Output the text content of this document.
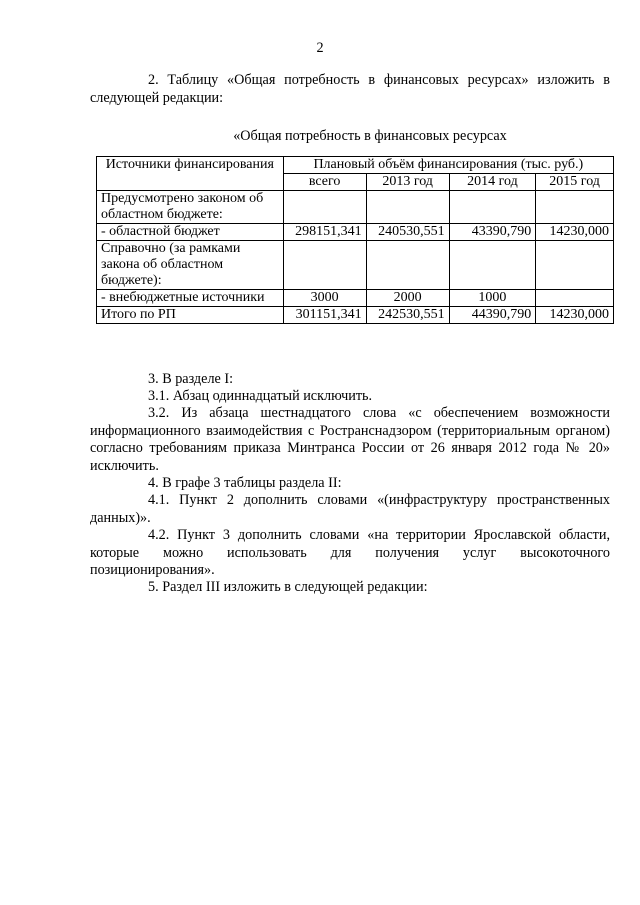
2

2. Таблицу «Общая потребность в финансовых ресурсах» изложить в следующей редакции:

«Общая потребность в финансовых ресурсах
Источники финансирования	Плановый объём финансирования (тыс. руб.)			
	всего	2013 год	2014 год	2015 год
Предусмотрено законом об областном бюджете:				
- областной бюджет	298151,341	240530,551	43390,790	14230,000
Справочно (за рамками закона об областном бюджете):				
- внебюджетные источники	3000	2000	1000	
Итого по РП	301151,341	242530,551	44390,790	14230,000

3. В разделе I:

3.1. Абзац одиннадцатый исключить.

3.2. Из абзаца шестнадцатого слова «с обеспечением возможности информационного взаимодействия с Ространснадзором (территориальным органом) согласно требованиям приказа Минтранса России от 26 января 2012 года № 20» исключить.

4. В графе 3 таблицы раздела II:

4.1. Пункт 2 дополнить словами «(инфраструктуру пространственных данных)».

4.2. Пункт 3 дополнить словами «на территории Ярославской области, которые можно использовать для получения услуг высокоточного позиционирования».

5. Раздел III изложить в следующей редакции:
